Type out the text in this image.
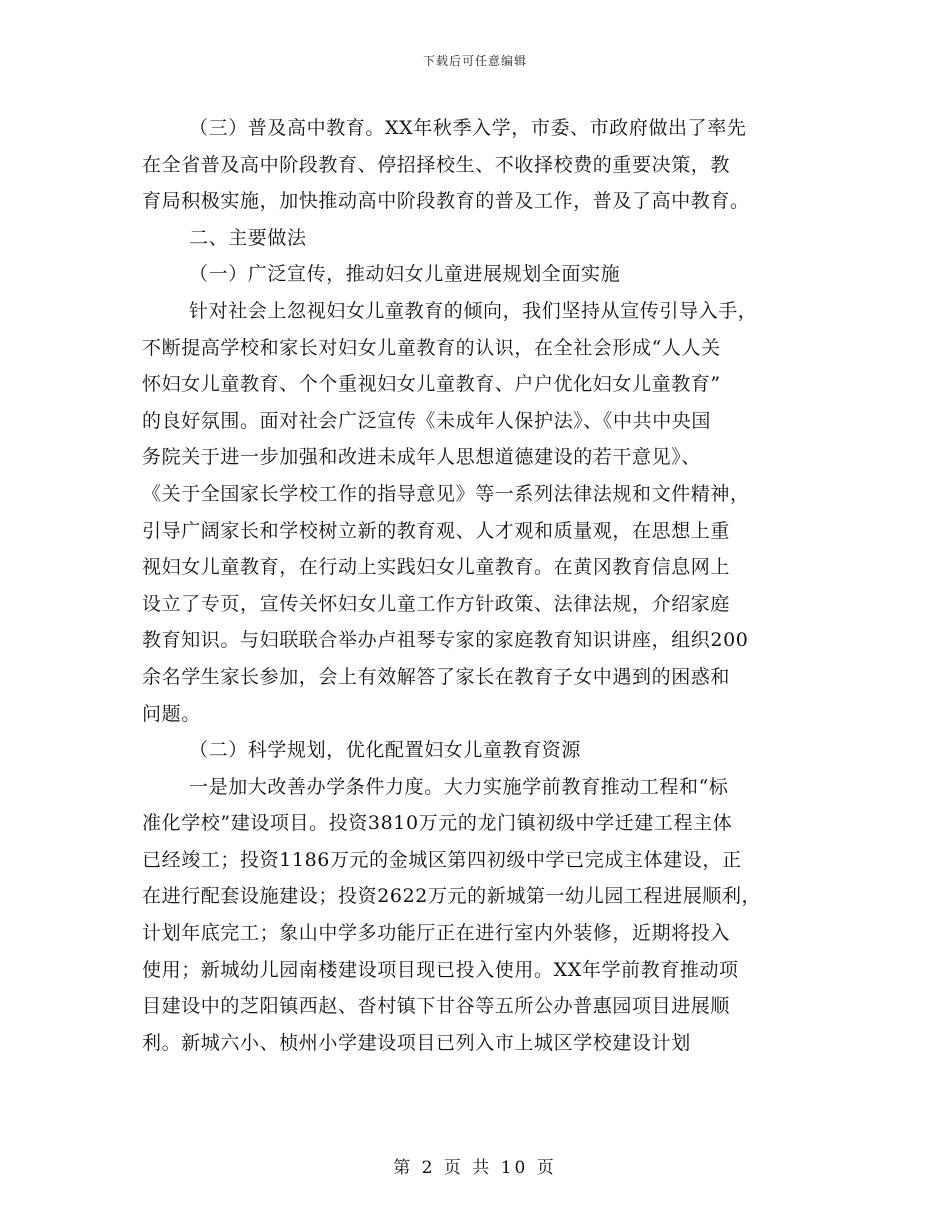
下载后可任意编辑
（三）普及高中教育。XX年秋季入学，市委、市政府做出了率先
在全省普及高中阶段教育、停招择校生、不收择校费的重要决策，教
育局积极实施，加快推动高中阶段教育的普及工作，普及了高中教育。
二、主要做法
（一）广泛宣传，推动妇女儿童进展规划全面实施
针对社会上忽视妇女儿童教育的倾向，我们坚持从宣传引导入手，
不断提高学校和家长对妇女儿童教育的认识，在全社会形成“人人关
怀妇女儿童教育、个个重视妇女儿童教育、户户优化妇女儿童教育”
的良好氛围。面对社会广泛宣传《未成年人保护法》、《中共中央国
务院关于进一步加强和改进未成年人思想道德建设的若干意见》、
《关于全国家长学校工作的指导意见》等一系列法律法规和文件精神，
引导广阔家长和学校树立新的教育观、人才观和质量观，在思想上重
视妇女儿童教育，在行动上实践妇女儿童教育。在黄冈教育信息网上
设立了专页，宣传关怀妇女儿童工作方针政策、法律法规，介绍家庭
教育知识。与妇联联合举办卢祖琴专家的家庭教育知识讲座，组织200
余名学生家长参加，会上有效解答了家长在教育子女中遇到的困惑和
问题。
（二）科学规划，优化配置妇女儿童教育资源
一是加大改善办学条件力度。大力实施学前教育推动工程和“标
准化学校”建设项目。投资3810万元的龙门镇初级中学迁建工程主体
已经竣工；投资1186万元的金城区第四初级中学已完成主体建设，正
在进行配套设施建设；投资2622万元的新城第一幼儿园工程进展顺利，
计划年底完工；象山中学多功能厅正在进行室内外装修，近期将投入
使用；新城幼儿园南楼建设项目现已投入使用。XX年学前教育推动项
目建设中的芝阳镇西赵、沓村镇下甘谷等五所公办普惠园项目进展顺
利。新城六小、桢州小学建设项目已列入市上城区学校建设计划
第 2 页 共 10 页
